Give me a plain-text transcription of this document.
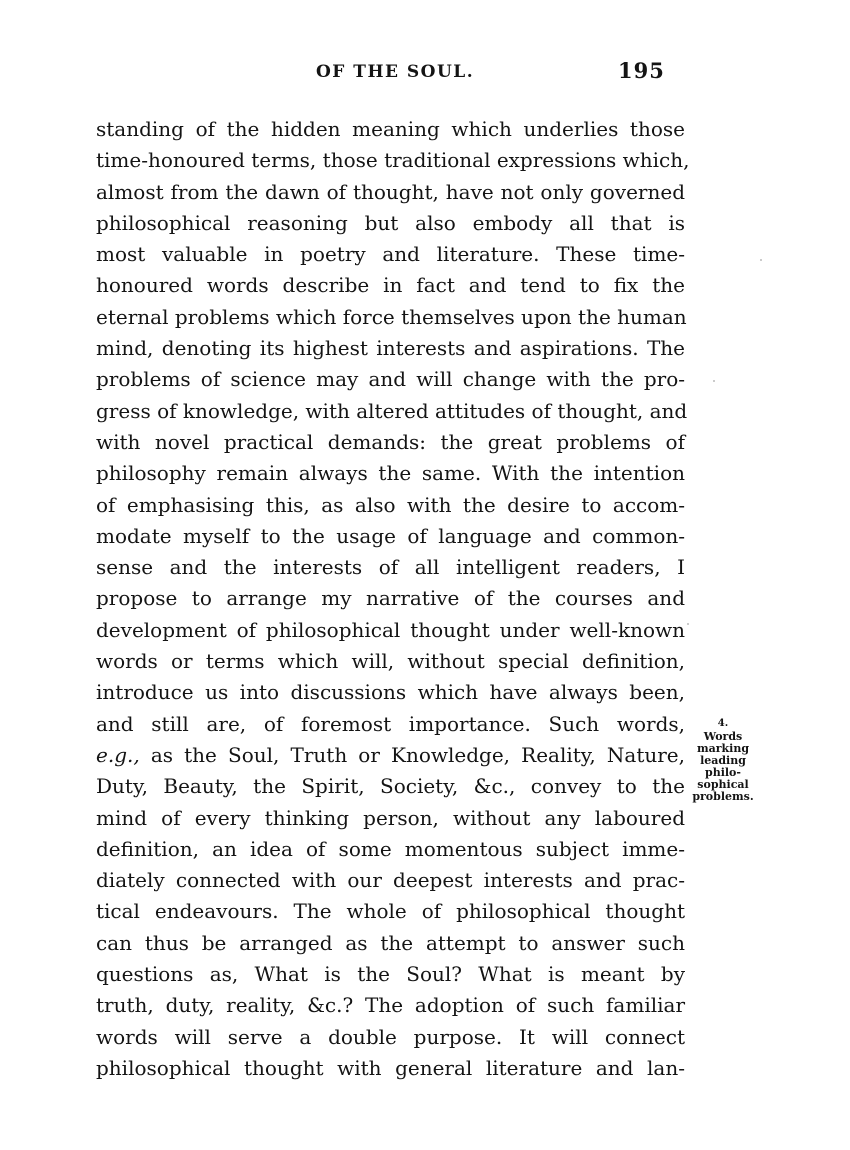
OF THE SOUL.	195
standing of the hidden meaning which underlies those
time-honoured terms, those traditional expressions which,
almost from the dawn of thought, have not only governed
philosophical reasoning but also embody all that is
most valuable in poetry and literature. These time-
honoured words describe in fact and tend to fix the
eternal problems which force themselves upon the human
mind, denoting its highest interests and aspirations. The
problems of science may and will change with the pro-
gress of knowledge, with altered attitudes of thought, and
with novel practical demands: the great problems of
philosophy remain always the same. With the intention
of emphasising this, as also with the desire to accom-
modate myself to the usage of language and common-
sense and the interests of all intelligent readers, I
propose to arrange my narrative of the courses and
development of philosophical thought under well-known
words or terms which will, without special definition,
introduce us into discussions which have always been,
and still are, of foremost importance. Such words,
e.g., as the Soul, Truth or Knowledge, Reality, Nature,
Duty, Beauty, the Spirit, Society, &c., convey to the
mind of every thinking person, without any laboured
definition, an idea of some momentous subject imme-
diately connected with our deepest interests and prac-
tical endeavours. The whole of philosophical thought
can thus be arranged as the attempt to answer such
questions as, What is the Soul? What is meant by
truth, duty, reality, &c.? The adoption of such familiar
words will serve a double purpose. It will connect
philosophical thought with general literature and lan-
4.
Words
marking
leading
philo-
sophical
problems.
